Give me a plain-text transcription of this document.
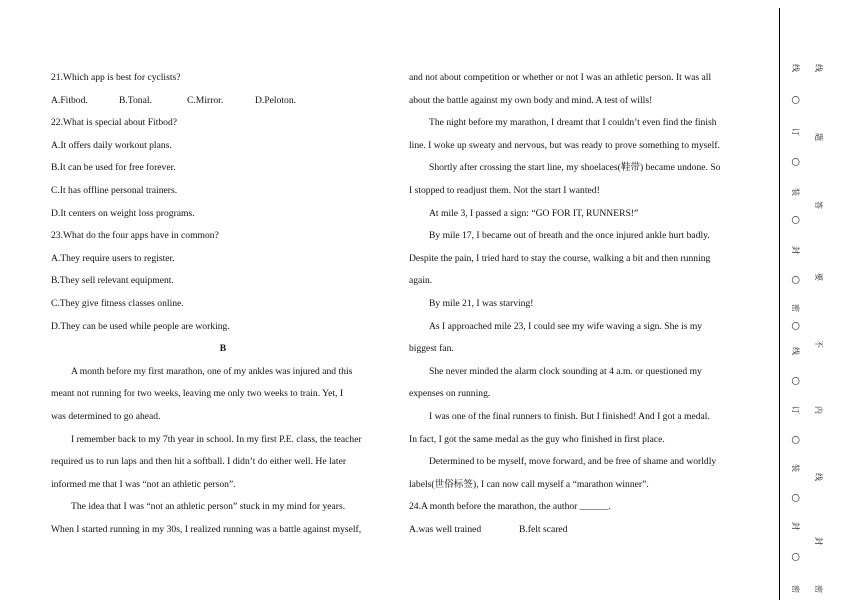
21.Which app is best for cyclists?
A.Fitbod.	B.Tonal.	C.Mirror.	D.Peloton.
22.What is special about Fitbod?
A.It offers daily workout plans.
B.It can be used for free forever.
C.It has offline personal trainers.
D.It centers on weight loss programs.
23.What do the four apps have in common?
A.They require users to register.
B.They sell relevant equipment.
C.They give fitness classes online.
D.They can be used while people are working.
B
A month before my first marathon, one of my ankles was injured and this
meant not running for two weeks, leaving me only two weeks to train. Yet, I
was determined to go ahead.
I remember back to my 7th year in school. In my first P.E. class, the teacher
required us to run laps and then hit a softball. I didn’t do either well. He later
informed me that I was “not an athletic person”.
The idea that I was “not an athletic person” stuck in my mind for years.
When I started running in my 30s, I realized running was a battle against myself,
and not about competition or whether or not I was an athletic person. It was all
about the battle against my own body and mind. A test of wills!
The night before my marathon, I dreamt that I couldn’t even find the finish
line. I woke up sweaty and nervous, but was ready to prove something to myself.
Shortly after crossing the start line, my shoelaces(鞋带) became undone. So
I stopped to readjust them. Not the start I wanted!
At mile 3, I passed a sign: “GO FOR IT, RUNNERS!”
By mile 17, I became out of breath and the once injured ankle hurt badly.
Despite the pain, I tried hard to stay the course, walking a bit and then running
again.
By mile 21, I was starving!
As I approached mile 23, I could see my wife waving a sign. She is my
biggest fan.
She never minded the alarm clock sounding at 4 a.m. or questioned my
expenses on running.
I was one of the final runners to finish. But I finished! And I got a medal.
In fact, I got the same medal as the guy who finished in first place.
Determined to be myself, move forward, and be free of shame and worldly
labels(世俗标签), I can now call myself a “marathon winner”.
24.A month before the marathon, the author ______.
A.was well trained	B.felt scared
线
○
订
○
装
○
封
○
密
○
线
○
订
○
装
○
封
○
密
线
题
答
要
不
内
线
封
密
